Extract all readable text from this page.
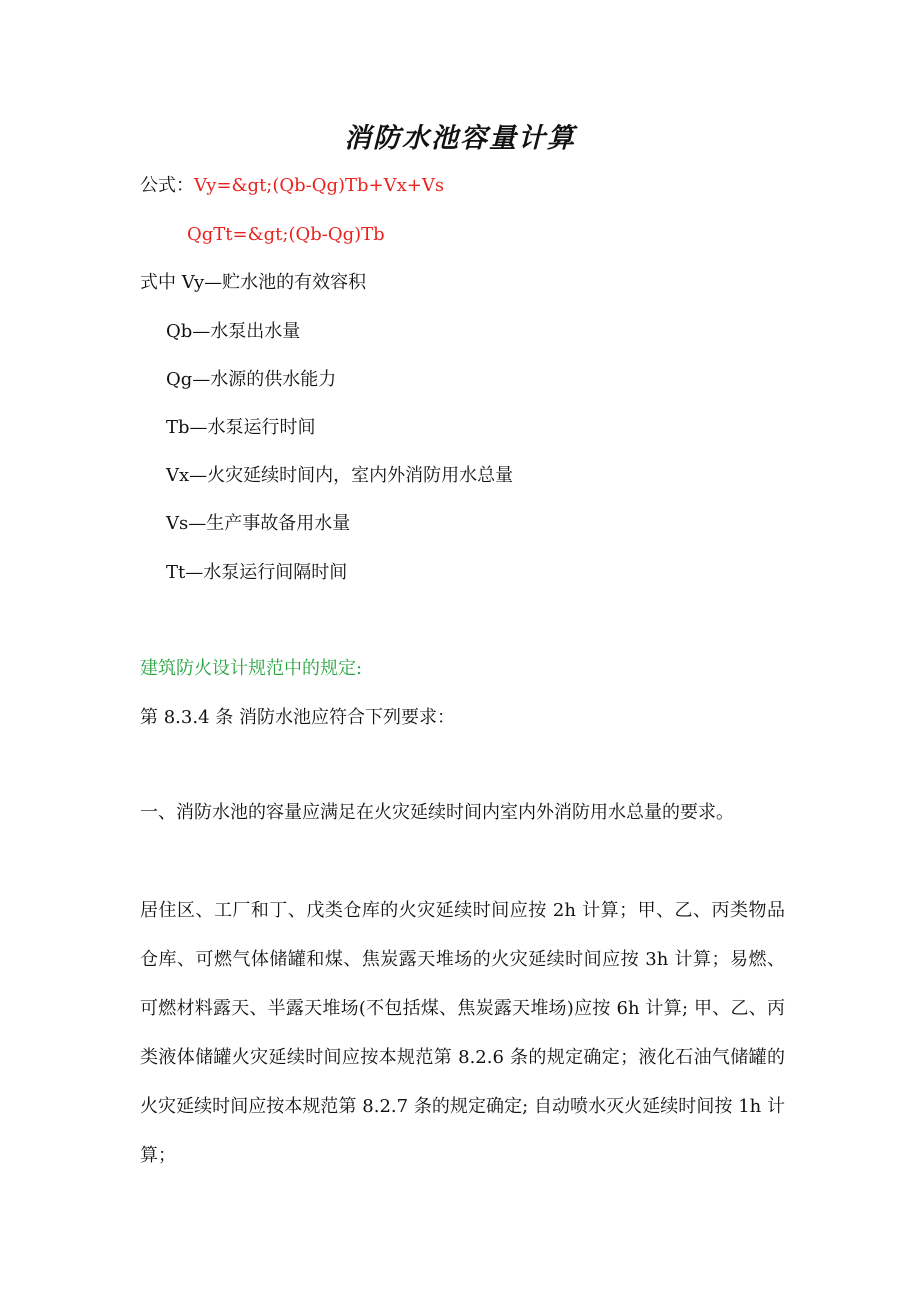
消防水池容量计算
公式：Vy=&gt;(Qb-Qg)Tb+Vx+Vs
QgTt=&gt;(Qb-Qg)Tb
式中 Vy—贮水池的有效容积
Qb—水泵出水量
Qg—水源的供水能力
Tb—水泵运行时间
Vx—火灾延续时间内，室内外消防用水总量
Vs—生产事故备用水量
Tt—水泵运行间隔时间
建筑防火设计规范中的规定:
第 8.3.4 条 消防水池应符合下列要求：
一、消防水池的容量应满足在火灾延续时间内室内外消防用水总量的要求。

居住区、工厂和丁、戊类仓库的火灾延续时间应按 2h 计算；甲、乙、丙类物品仓库、可燃气体储罐和煤、焦炭露天堆场的火灾延续时间应按 3h 计算；易燃、可燃材料露天、半露天堆场(不包括煤、焦炭露天堆场)应按 6h 计算; 甲、乙、丙类液体储罐火灾延续时间应按本规范第 8.2.6 条的规定确定；液化石油气储罐的火灾延续时间应按本规范第 8.2.7 条的规定确定; 自动喷水灭火延续时间按 1h 计算；
